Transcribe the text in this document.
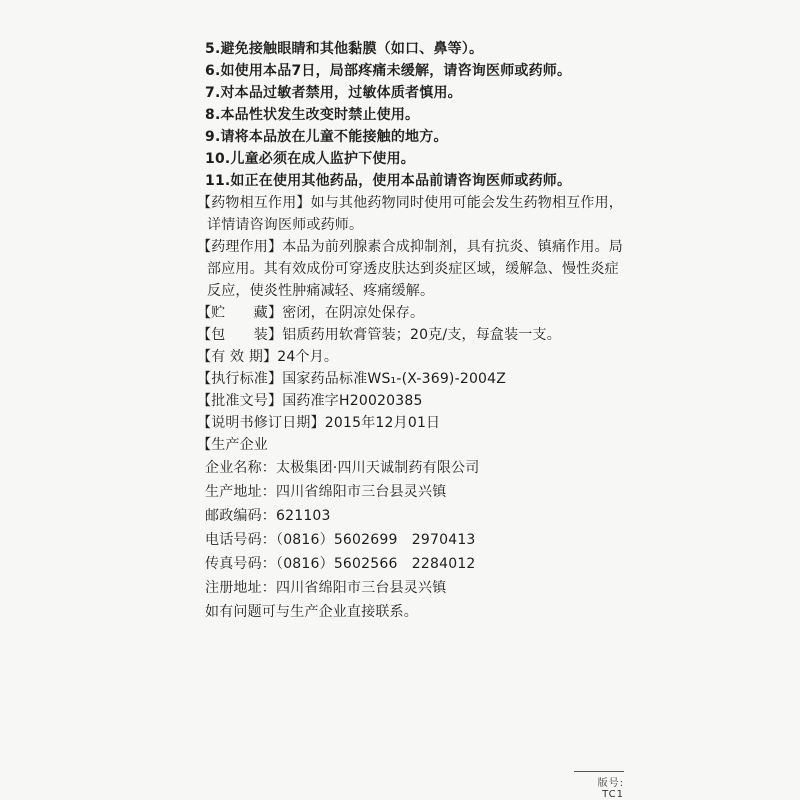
5.避免接触眼睛和其他黏膜（如口、鼻等）。
6.如使用本品7日，局部疼痛未缓解，请咨询医师或药师。
7.对本品过敏者禁用，过敏体质者慎用。
8.本品性状发生改变时禁止使用。
9.请将本品放在儿童不能接触的地方。
10.儿童必须在成人监护下使用。
11.如正在使用其他药品，使用本品前请咨询医师或药师。
【药物相互作用】如与其他药物同时使用可能会发生药物相互作用，
详情请咨询医师或药师。
【药理作用】本品为前列腺素合成抑制剂，具有抗炎、镇痛作用。局
部应用。其有效成份可穿透皮肤达到炎症区域，缓解急、慢性炎症
反应，使炎性肿痛减轻、疼痛缓解。
【贮　　藏】密闭，在阴凉处保存。
【包　　装】铝质药用软膏管装；20克/支，每盒装一支。
【有 效 期】24个月。
【执行标准】国家药品标准WS₁-(X-369)-2004Z
【批准文号】国药准字H20020385
【说明书修订日期】2015年12月01日
【生产企业
企业名称：太极集团·四川天诚制药有限公司
生产地址：四川省绵阳市三台县灵兴镇
邮政编码：621103
电话号码：（0816）5602699　2970413
传真号码：（0816）5602566　2284012
注册地址：四川省绵阳市三台县灵兴镇
如有问题可与生产企业直接联系。
版号: TC1
